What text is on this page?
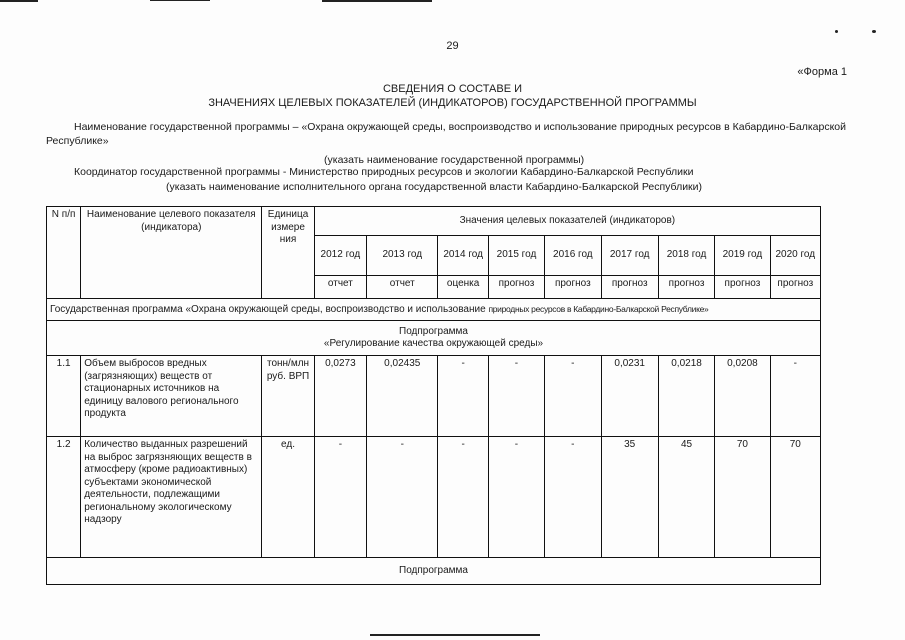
29
«Форма 1
СВЕДЕНИЯ О СОСТАВЕ И
ЗНАЧЕНИЯХ ЦЕЛЕВЫХ ПОКАЗАТЕЛЕЙ (ИНДИКАТОРОВ) ГОСУДАРСТВЕННОЙ ПРОГРАММЫ
Наименование государственной программы – «Охрана окружающей среды, воспроизводство и использование природных ресурсов в Кабардино-Балкарской Республике»
(указать наименование государственной программы)
Координатор государственной программы - Министерство природных ресурсов и экологии Кабардино-Балкарской Республики
(указать наименование исполнительного органа государственной власти Кабардино-Балкарской Республики)
N п/п	Наименование целевого показателя (индикатора)	Единица измере ния	Значения целевых показателей (индикаторов)								
			2012 год	2013 год	2014 год	2015 год	2016 год	2017 год	2018 год	2019 год	2020 год
			отчет	отчет	оценка	прогноз	прогноз	прогноз	прогноз	прогноз	прогноз
Государственная программа «Охрана окружающей среды, воспроизводство и использование природных ресурсов в Кабардино-Балкарской Республике»											

Подпрограмма
«Регулирование качества окружающей среды»											

1.1	Объем выбросов вредных (загрязняющих) веществ от стационарных источников на единицу валового регионального продукта	тонн/млн руб. ВРП	0,0273	0,02435	-	-	-	0,0231	0,0218	0,0208	-
1.2	Количество выданных разрешений на выброс загрязняющих веществ в атмосферу (кроме радиоактивных) субъектами экономической деятельности, подлежащими региональному экологическому надзору	ед.	-	-	-	-	-	35	45	70	70
Подпрограмма											
